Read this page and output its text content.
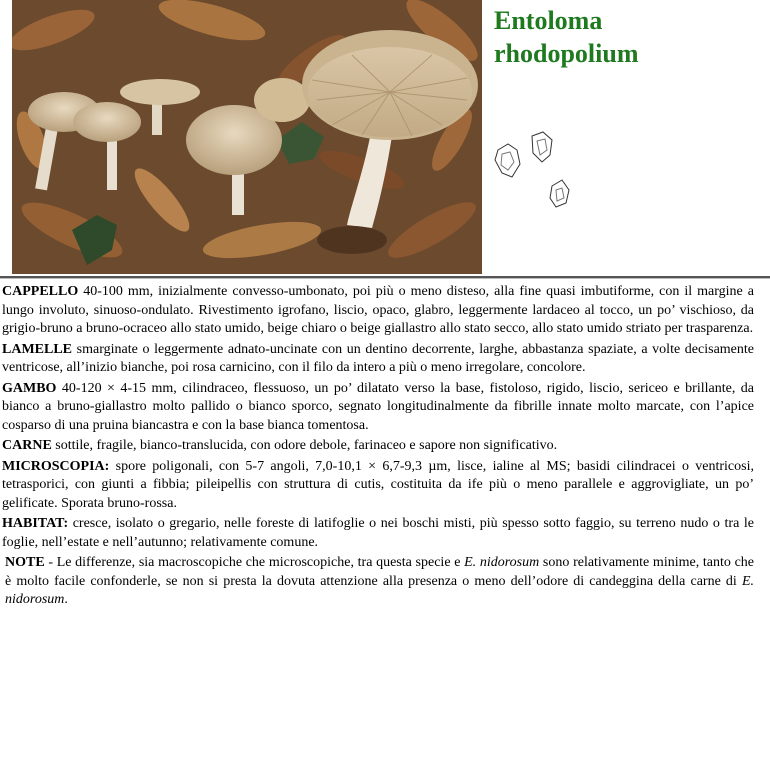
Entoloma
rhodopolium

CAPPELLO 40-100 mm, inizialmente convesso-umbonato, poi più o meno disteso, alla fine quasi imbutiforme, con il margine a lungo involuto, sinuoso-ondulato. Rivestimento igrofano, liscio, opaco, glabro, leggermente lardaceo al tocco, un po’ vischioso, da grigio-bruno a bruno-ocraceo allo stato umido, beige chiaro o beige giallastro allo stato secco, allo stato umido striato per trasparenza.

LAMELLE smarginate o leggermente adnato-uncinate con un dentino decorrente, larghe, abbastanza spaziate, a volte decisamente ventricose, all’inizio bianche, poi rosa carnicino, con il filo da intero a più o meno irregolare, concolore.

GAMBO 40-120 × 4-15 mm, cilindraceo, flessuoso, un po’ dilatato verso la base, fistoloso, rigido, liscio, sericeo e brillante, da bianco a bruno-giallastro molto pallido o bianco sporco, segnato longitudinalmente da fibrille innate molto marcate, con l’apice cosparso di una pruina biancastra e con la base bianca tomentosa.

CARNE sottile, fragile, bianco-translucida, con odore debole, farinaceo e sapore non significativo.

MICROSCOPIA: spore poligonali, con 5-7 angoli, 7,0-10,1 × 6,7-9,3 µm, lisce, ialine al MS; basidi cilindracei o ventricosi, tetrasporici, con giunti a fibbia; pileipellis con struttura di cutis, costituita da ife più o meno parallele e aggrovigliate, un po’ gelificate. Sporata bruno-rossa.

HABITAT: cresce, isolato o gregario, nelle foreste di latifoglie o nei boschi misti, più spesso sotto faggio, su terreno nudo o tra le foglie, nell’estate e nell’autunno; relativamente comune.

NOTE - Le differenze, sia macroscopiche che microscopiche, tra questa specie e E. nidorosum sono relativamente minime, tanto che è molto facile confonderle, se non si presta la dovuta attenzione alla presenza o meno dell’odore di candeggina della carne di E. nidorosum.
